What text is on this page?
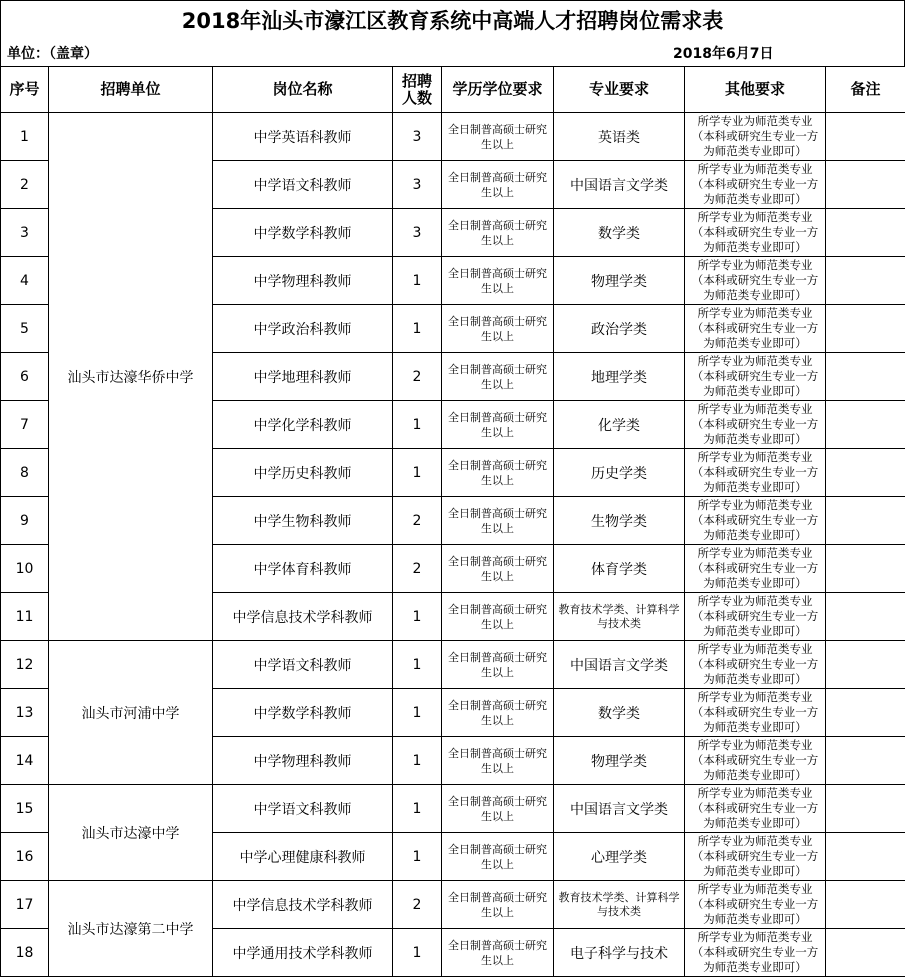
2018年汕头市濠江区教育系统中高端人才招聘岗位需求表
单位：（盖章）	2018年6月7日
序号	招聘单位	岗位名称	招聘人数	学历学位要求	专业要求	其他要求	备注
1	汕头市达濠华侨中学	中学英语科教师	3	全日制普高硕士研究生以上	英语类	所学专业为师范类专业（本科或研究生专业一方为师范类专业即可）	
2		中学语文科教师	3	全日制普高硕士研究生以上	中国语言文学类	所学专业为师范类专业（本科或研究生专业一方为师范类专业即可）	
3		中学数学科教师	3	全日制普高硕士研究生以上	数学类	所学专业为师范类专业（本科或研究生专业一方为师范类专业即可）	
4		中学物理科教师	1	全日制普高硕士研究生以上	物理学类	所学专业为师范类专业（本科或研究生专业一方为师范类专业即可）	
5		中学政治科教师	1	全日制普高硕士研究生以上	政治学类	所学专业为师范类专业（本科或研究生专业一方为师范类专业即可）	
6		中学地理科教师	2	全日制普高硕士研究生以上	地理学类	所学专业为师范类专业（本科或研究生专业一方为师范类专业即可）	
7		中学化学科教师	1	全日制普高硕士研究生以上	化学类	所学专业为师范类专业（本科或研究生专业一方为师范类专业即可）	
8		中学历史科教师	1	全日制普高硕士研究生以上	历史学类	所学专业为师范类专业（本科或研究生专业一方为师范类专业即可）	
9		中学生物科教师	2	全日制普高硕士研究生以上	生物学类	所学专业为师范类专业（本科或研究生专业一方为师范类专业即可）	
10		中学体育科教师	2	全日制普高硕士研究生以上	体育学类	所学专业为师范类专业（本科或研究生专业一方为师范类专业即可）	
11		中学信息技术学科教师	1	全日制普高硕士研究生以上	教育技术学类、计算科学与技术类	所学专业为师范类专业（本科或研究生专业一方为师范类专业即可）	
12	汕头市河浦中学	中学语文科教师	1	全日制普高硕士研究生以上	中国语言文学类	所学专业为师范类专业（本科或研究生专业一方为师范类专业即可）	
13		中学数学科教师	1	全日制普高硕士研究生以上	数学类	所学专业为师范类专业（本科或研究生专业一方为师范类专业即可）	
14		中学物理科教师	1	全日制普高硕士研究生以上	物理学类	所学专业为师范类专业（本科或研究生专业一方为师范类专业即可）	
15	汕头市达濠中学	中学语文科教师	1	全日制普高硕士研究生以上	中国语言文学类	所学专业为师范类专业（本科或研究生专业一方为师范类专业即可）	
16		中学心理健康科教师	1	全日制普高硕士研究生以上	心理学类	所学专业为师范类专业（本科或研究生专业一方为师范类专业即可）	
17	汕头市达濠第二中学	中学信息技术学科教师	2	全日制普高硕士研究生以上	教育技术学类、计算科学与技术类	所学专业为师范类专业（本科或研究生专业一方为师范类专业即可）	
18		中学通用技术学科教师	1	全日制普高硕士研究生以上	电子科学与技术	所学专业为师范类专业（本科或研究生专业一方为师范类专业即可）	
